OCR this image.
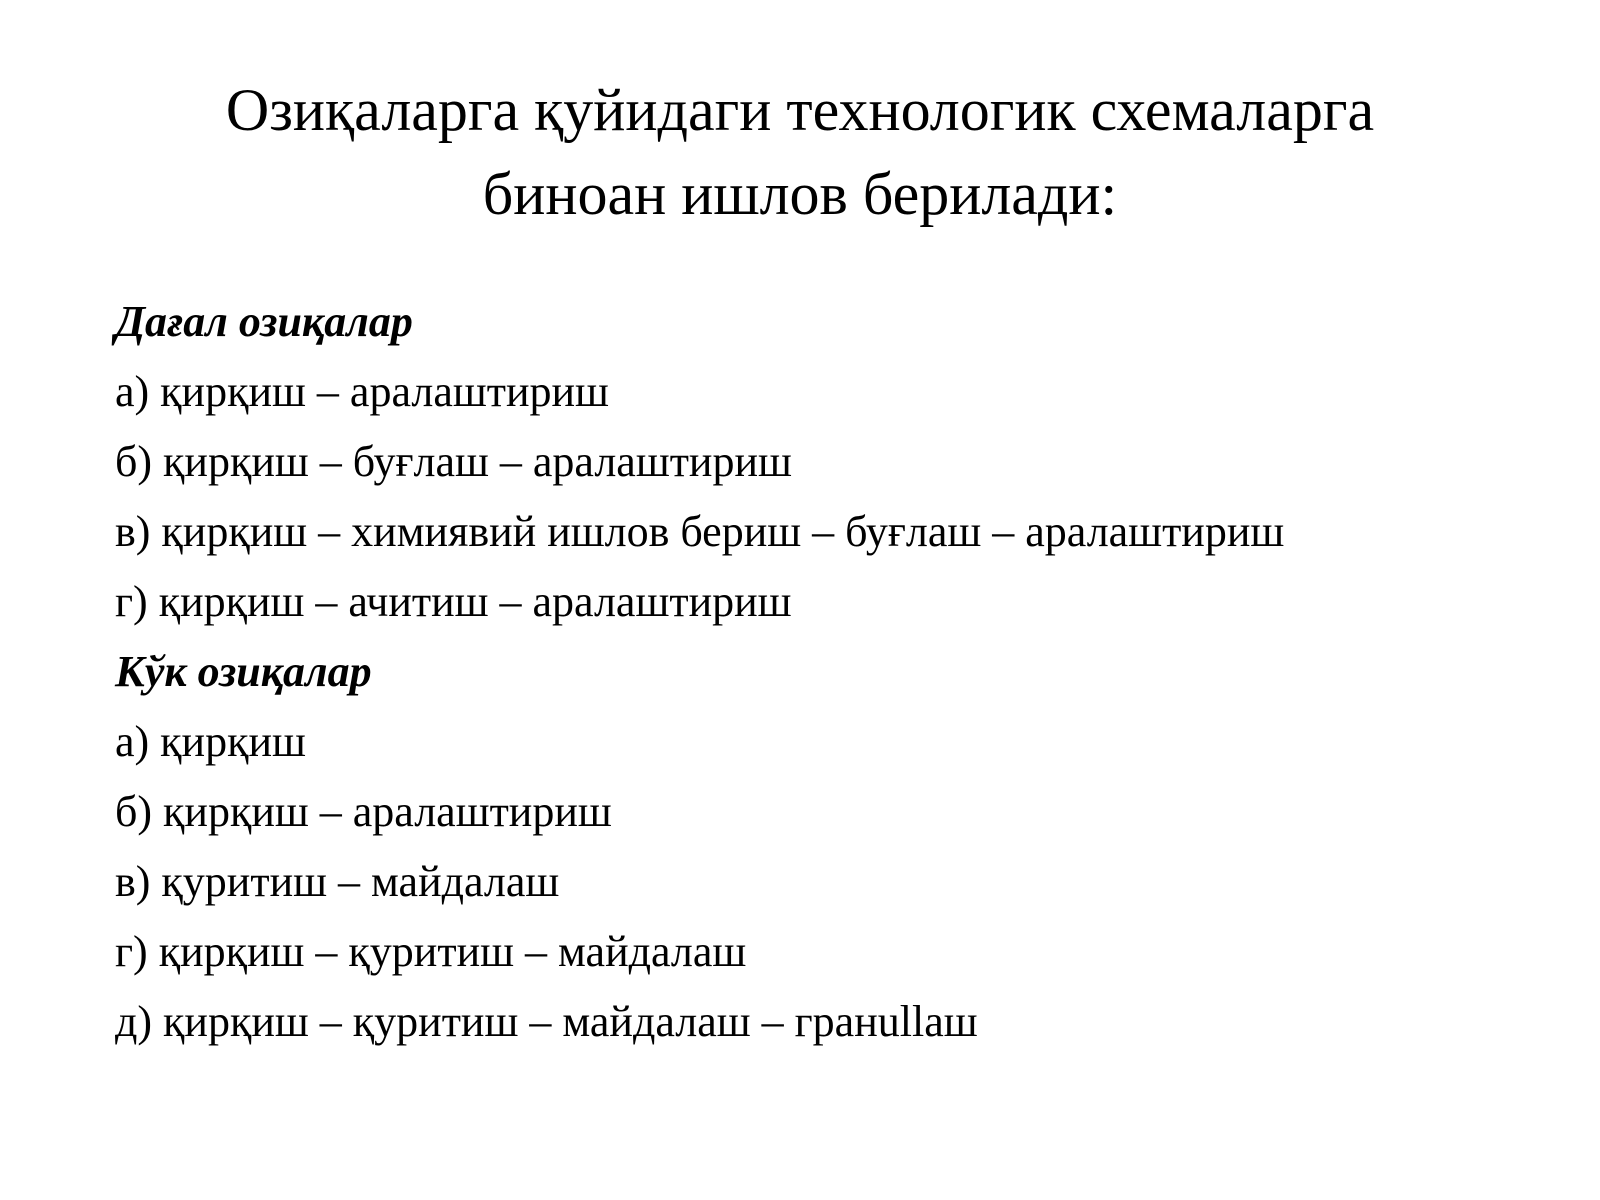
Озиқаларга қуйидаги технологик схемаларга
биноан ишлов берилади:
Дағал озиқалар
а) қирқиш – аралаштириш
б) қирқиш – буғлаш – аралаштириш
в) қирқиш – химиявий ишлов бериш – буғлаш – аралаштириш
г) қирқиш – ачитиш – аралаштириш
Кўк озиқалар
а) қирқиш
б) қирқиш – аралаштириш
в) қуритиш – майдалаш
г) қирқиш – қуритиш – майдалаш
д) қирқиш – қуритиш – майдалаш – гранullаш
